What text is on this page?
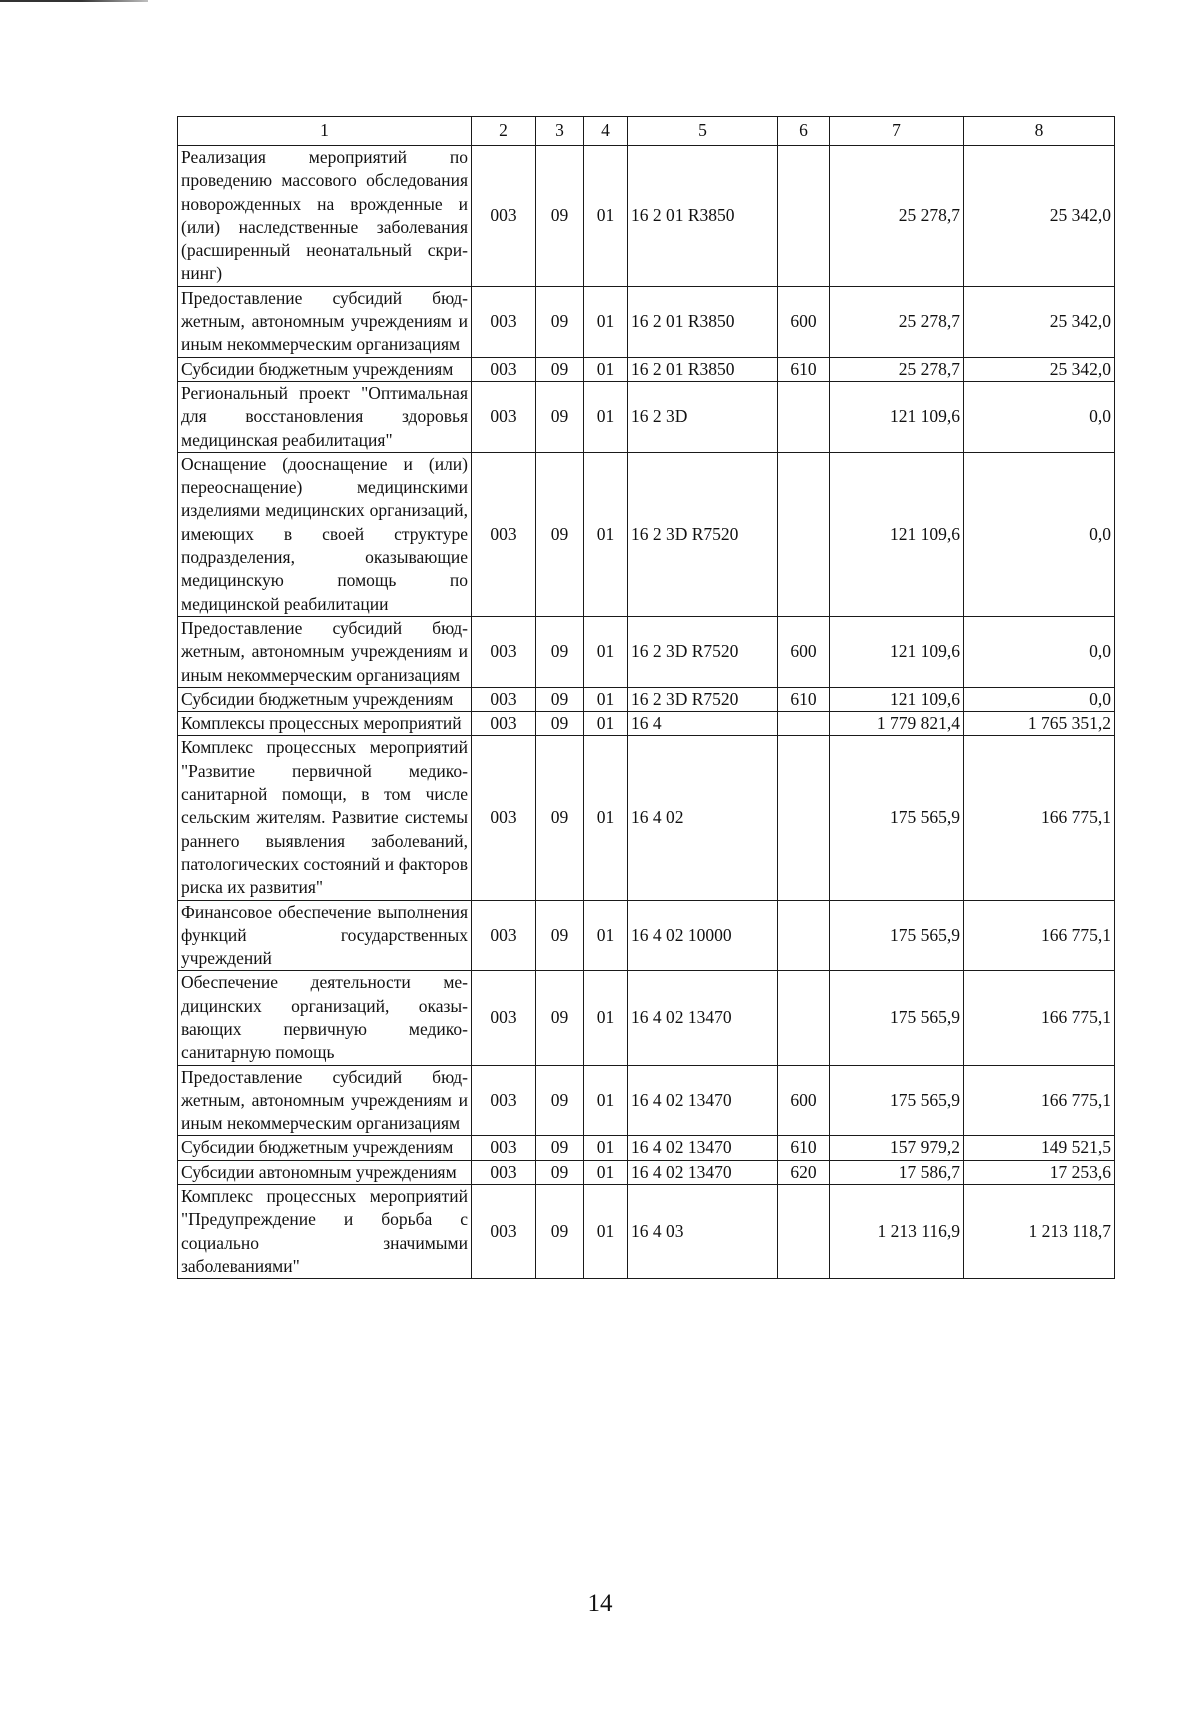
1	2	3	4	5	6	7	8
Реализация мероприятий по проведению массового обследования новорожденных на врожденные и (или) наследственные заболевания (расширенный неонатальный скрининг)	003	09	01	16 2 01 R3850		25 278,7	25 342,0
Предоставление субсидий бюджетным, автономным учреждениям и иным некоммерческим организациям	003	09	01	16 2 01 R3850	600	25 278,7	25 342,0
Субсидии бюджетным учреждениям	003	09	01	16 2 01 R3850	610	25 278,7	25 342,0
Региональный проект "Оптимальная для восстановления здоровья медицинская реабилитация"	003	09	01	16 2 3D		121 109,6	0,0
Оснащение (дооснащение и (или) переоснащение) медицинскими изделиями медицинских организаций, имеющих в своей структуре подразделения, оказывающие медицинскую помощь по медицинской реабилитации	003	09	01	16 2 3D R7520		121 109,6	0,0
Предоставление субсидий бюджетным, автономным учреждениям и иным некоммерческим организациям	003	09	01	16 2 3D R7520	600	121 109,6	0,0
Субсидии бюджетным учреждениям	003	09	01	16 2 3D R7520	610	121 109,6	0,0
Комплексы процессных мероприятий	003	09	01	16 4		1 779 821,4	1 765 351,2
Комплекс процессных мероприятий "Развитие первичной медико-санитарной помощи, в том числе сельским жителям. Развитие системы раннего выявления заболеваний, патологических состояний и факторов риска их развития"	003	09	01	16 4 02		175 565,9	166 775,1
Финансовое обеспечение выполнения функций государственных учреждений	003	09	01	16 4 02 10000		175 565,9	166 775,1
Обеспечение деятельности медицинских организаций, оказывающих первичную медико-санитарную помощь	003	09	01	16 4 02 13470		175 565,9	166 775,1
Предоставление субсидий бюджетным, автономным учреждениям и иным некоммерческим организациям	003	09	01	16 4 02 13470	600	175 565,9	166 775,1
Субсидии бюджетным учреждениям	003	09	01	16 4 02 13470	610	157 979,2	149 521,5
Субсидии автономным учреждениям	003	09	01	16 4 02 13470	620	17 586,7	17 253,6
Комплекс процессных мероприятий "Предупреждение и борьба с социально значимыми заболеваниями"	003	09	01	16 4 03		1 213 116,9	1 213 118,7
14
